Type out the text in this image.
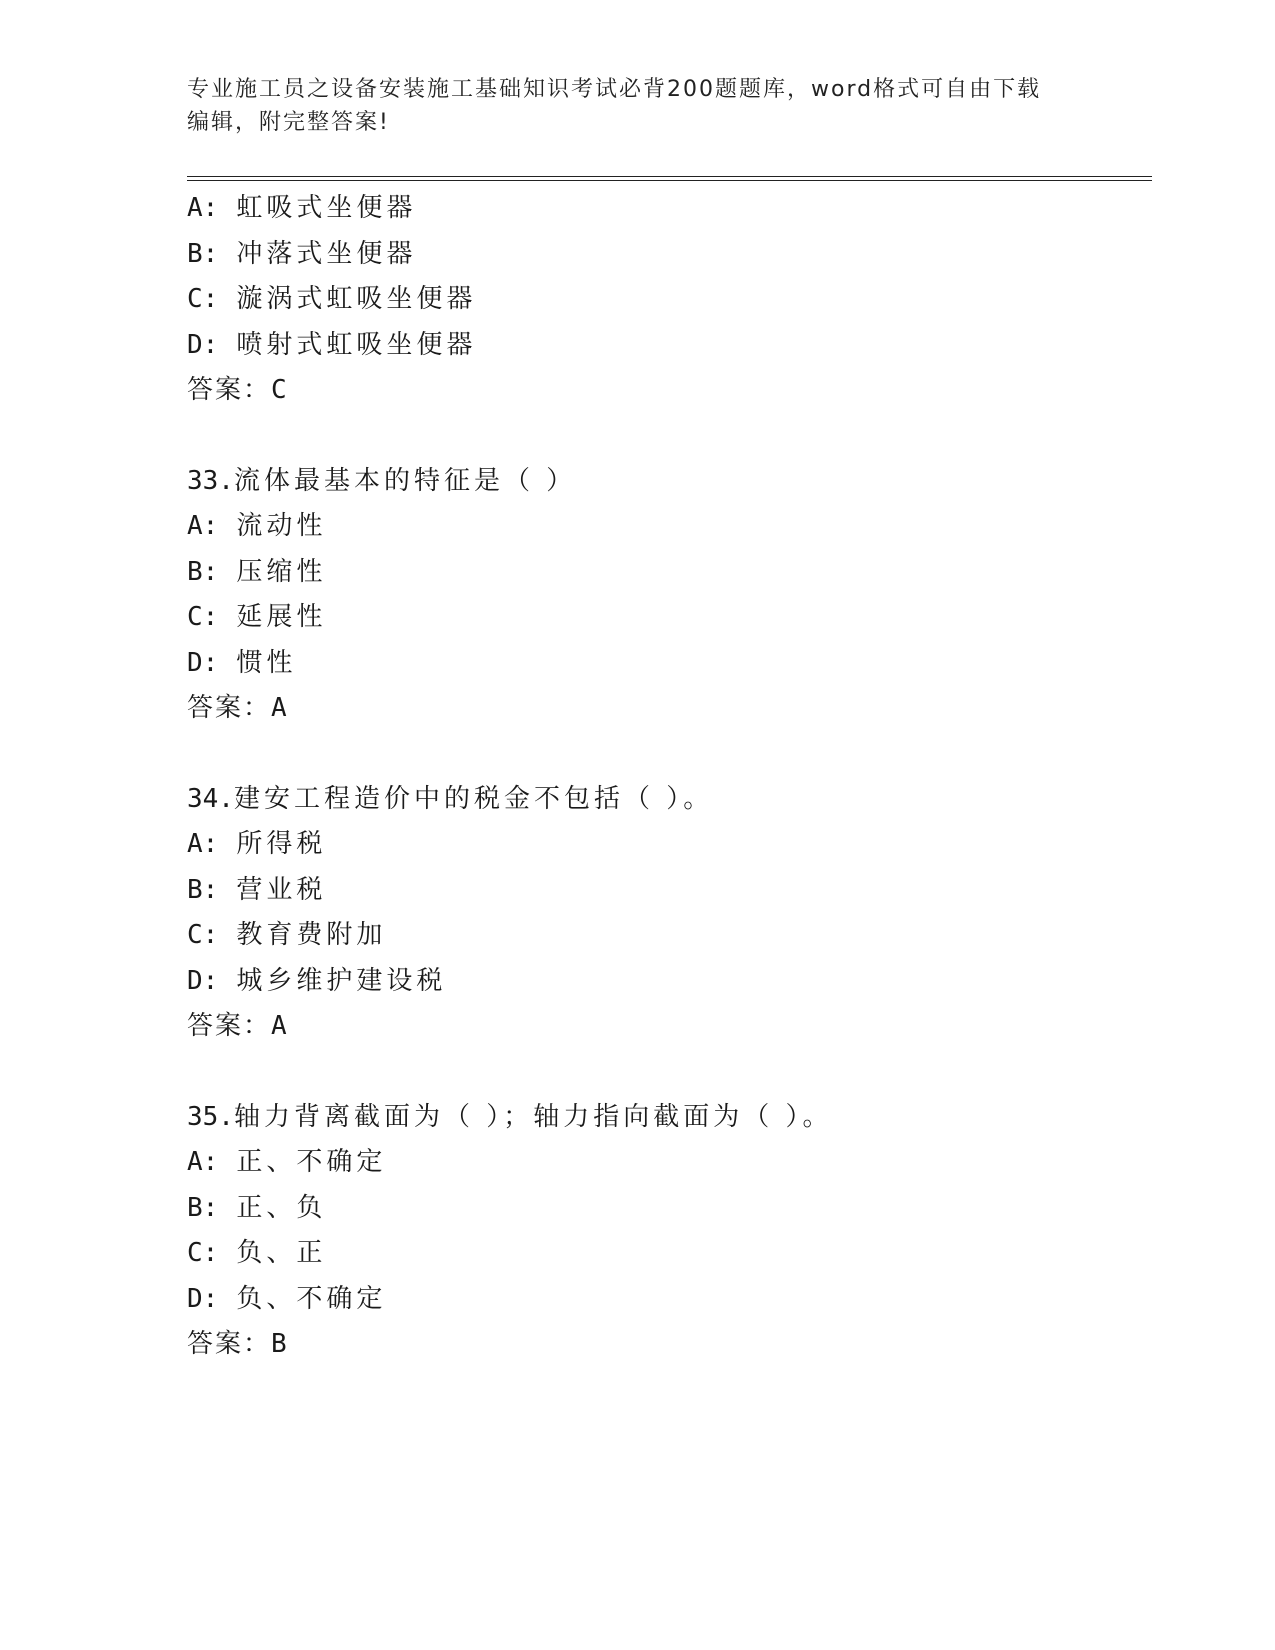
专业施工员之设备安装施工基础知识考试必背200题题库，word格式可自由下载
编辑，附完整答案!
A: 虹吸式坐便器
B: 冲落式坐便器
C: 漩涡式虹吸坐便器
D: 喷射式虹吸坐便器
答案：C
33.流体最基本的特征是（ ）
A: 流动性
B: 压缩性
C: 延展性
D: 惯性
答案：A
34.建安工程造价中的税金不包括（ ）。
A: 所得税
B: 营业税
C: 教育费附加
D: 城乡维护建设税
答案：A
35.轴力背离截面为（ ）；轴力指向截面为（ ）。
A: 正、不确定
B: 正、负
C: 负、正
D: 负、不确定
答案：B
